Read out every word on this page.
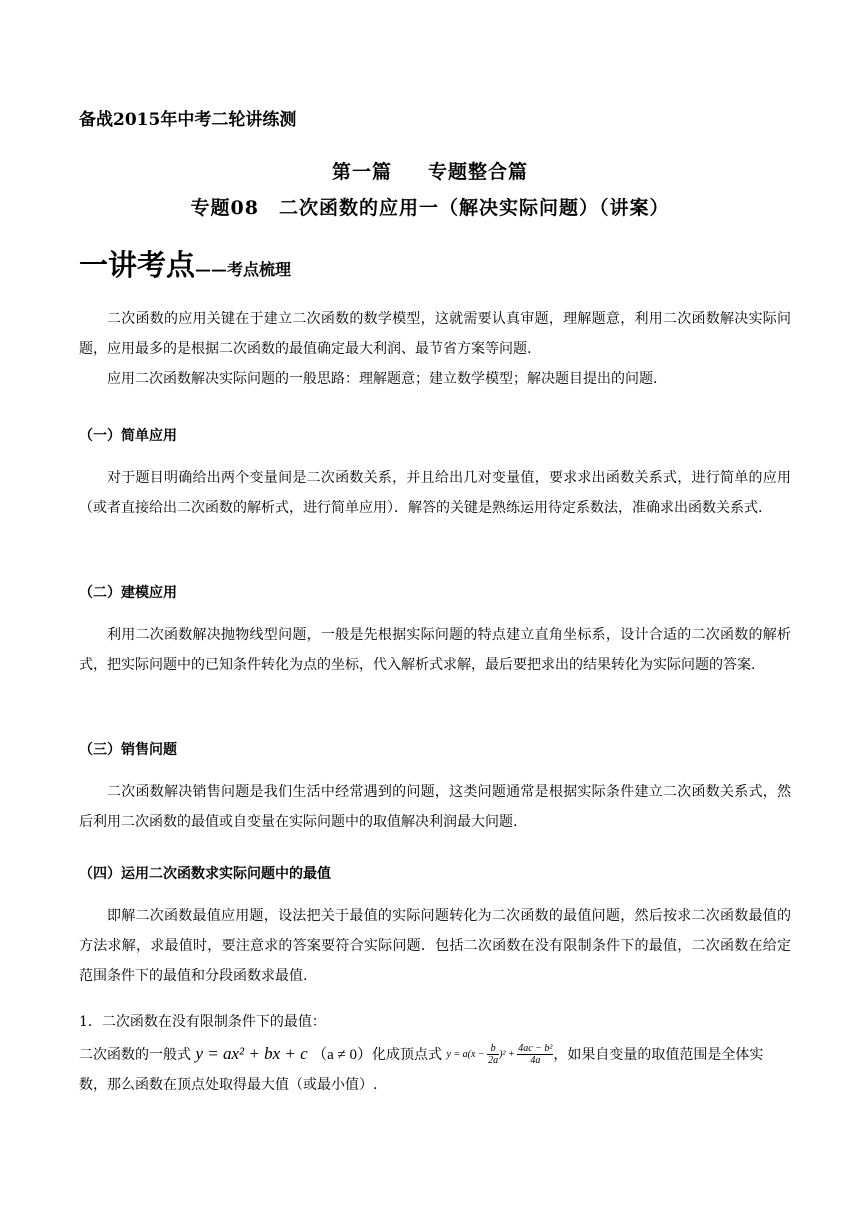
备战2015年中考二轮讲练测
第一篇 专题整合篇
专题08　二次函数的应用一（解决实际问题）（讲案）
一讲考点——考点梳理
二次函数的应用关键在于建立二次函数的数学模型，这就需要认真审题，理解题意，利用二次函数解决实际问题，应用最多的是根据二次函数的最值确定最大利润、最节省方案等问题.
应用二次函数解决实际问题的一般思路：理解题意；建立数学模型；解决题目提出的问题.
（一）简单应用
对于题目明确给出两个变量间是二次函数关系，并且给出几对变量值，要求求出函数关系式，进行简单的应用（或者直接给出二次函数的解析式，进行简单应用）．解答的关键是熟练运用待定系数法，准确求出函数关系式.
（二）建模应用
利用二次函数解决抛物线型问题，一般是先根据实际问题的特点建立直角坐标系，设计合适的二次函数的解析式，把实际问题中的已知条件转化为点的坐标，代入解析式求解，最后要把求出的结果转化为实际问题的答案.
（三）销售问题
二次函数解决销售问题是我们生活中经常遇到的问题，这类问题通常是根据实际条件建立二次函数关系式，然后利用二次函数的最值或自变量在实际问题中的取值解决利润最大问题.
（四）运用二次函数求实际问题中的最值
即解二次函数最值应用题，设法把关于最值的实际问题转化为二次函数的最值问题，然后按求二次函数最值的方法求解，求最值时，要注意求的答案要符合实际问题．包括二次函数在没有限制条件下的最值，二次函数在给定范围条件下的最值和分段函数求最值.
1．二次函数在没有限制条件下的最值：
二次函数的一般式 y = ax² + bx + c （a ≠ 0）化成顶点式 $y = a(x - \frac{b}{2a} )^2 + \frac{\text{4ac − b²}}{4a}$ ，如果自变量的取值范围是全体实数，那么函数在顶点处取得最大值（或最小值）.
